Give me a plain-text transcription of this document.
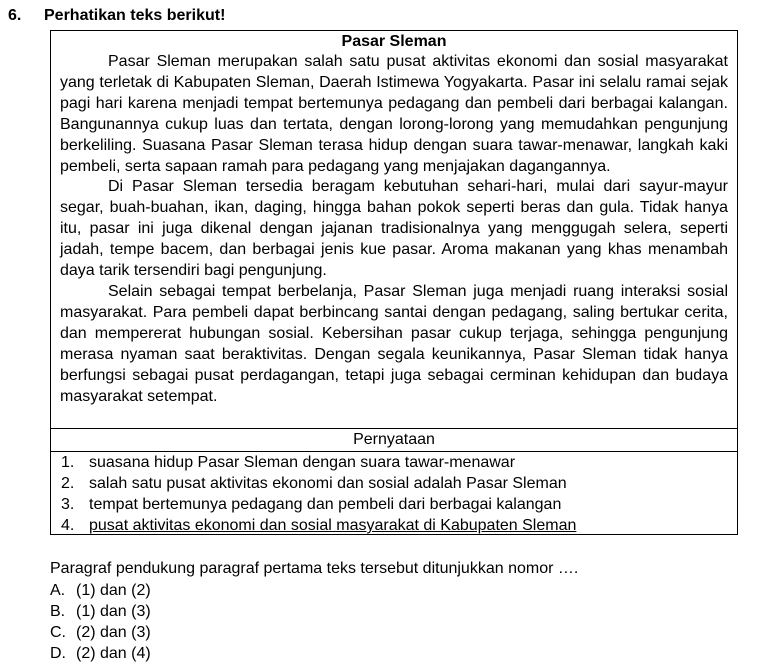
6. Perhatikan teks berikut!
Pasar Sleman

Pasar Sleman merupakan salah satu pusat aktivitas ekonomi dan sosial masyarakat yang terletak di Kabupaten Sleman, Daerah Istimewa Yogyakarta. Pasar ini selalu ramai sejak pagi hari karena menjadi tempat bertemunya pedagang dan pembeli dari berbagai kalangan. Bangunannya cukup luas dan tertata, dengan lorong-lorong yang memudahkan pengunjung berkeliling. Suasana Pasar Sleman terasa hidup dengan suara tawar-menawar, langkah kaki pembeli, serta sapaan ramah para pedagang yang menjajakan dagangannya.

Di Pasar Sleman tersedia beragam kebutuhan sehari-hari, mulai dari sayur-mayur segar, buah-buahan, ikan, daging, hingga bahan pokok seperti beras dan gula. Tidak hanya itu, pasar ini juga dikenal dengan jajanan tradisionalnya yang menggugah selera, seperti jadah, tempe bacem, dan berbagai jenis kue pasar. Aroma makanan yang khas menambah daya tarik tersendiri bagi pengunjung.

Selain sebagai tempat berbelanja, Pasar Sleman juga menjadi ruang interaksi sosial masyarakat. Para pembeli dapat berbincang santai dengan pedagang, saling bertukar cerita, dan mempererat hubungan sosial. Kebersihan pasar cukup terjaga, sehingga pengunjung merasa nyaman saat beraktivitas. Dengan segala keunikannya, Pasar Sleman tidak hanya berfungsi sebagai pusat perdagangan, tetapi juga sebagai cerminan kehidupan dan budaya masyarakat setempat.

Pernyataan
1. suasana hidup Pasar Sleman dengan suara tawar-menawar
2. salah satu pusat aktivitas ekonomi dan sosial adalah Pasar Sleman
3. tempat bertemunya pedagang dan pembeli dari berbagai kalangan
4. pusat aktivitas ekonomi dan sosial masyarakat di Kabupaten Sleman
Paragraf pendukung paragraf pertama teks tersebut ditunjukkan nomor ….
A. (1) dan (2)
B. (1) dan (3)
C. (2) dan (3)
D. (2) dan (4)
